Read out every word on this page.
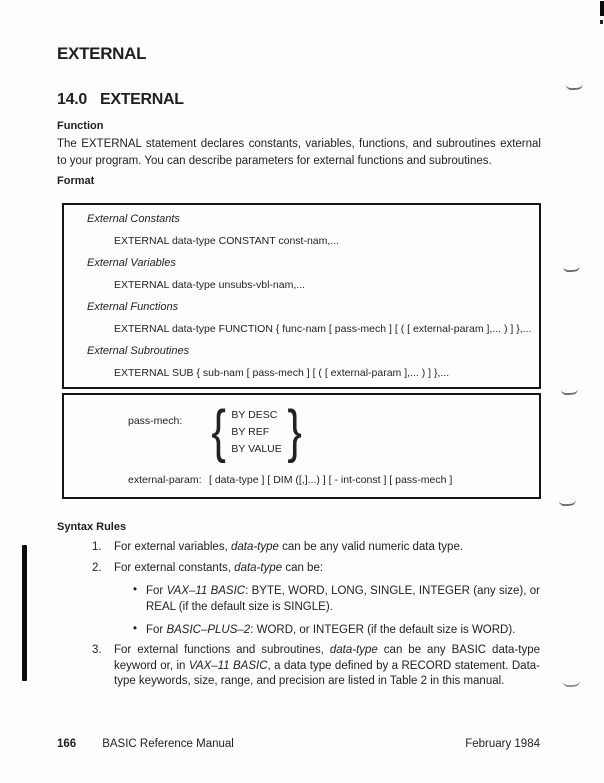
EXTERNAL
14.0 EXTERNAL
Function

The EXTERNAL statement declares constants, variables, functions, and subroutines external to your program. You can describe parameters for external functions and subroutines.

Format
External Constants
EXTERNAL data-type CONSTANT const-nam,...
External Variables
EXTERNAL data-type unsubs-vbl-nam,...
External Functions
EXTERNAL data-type FUNCTION { func-nam [ pass-mech ] [ ( [ external-param ],... ) ] },...
External Subroutines
EXTERNAL SUB { sub-nam [ pass-mech ] [ ( [ external-param ],... ) ] },...
pass-mech: { BY DESC
BY REF
BY VALUE }
external-param: [ data-type ] [ DIM ([,]...) ] [ - int-const ] [ pass-mech ]
Syntax Rules
1.	For external variables, data-type can be any valid numeric data type.
2.	For external constants, data-type can be:
• For VAX–11 BASIC: BYTE, WORD, LONG, SINGLE, INTEGER (any size), or REAL (if the default size is SINGLE).
• For BASIC–PLUS–2: WORD, or INTEGER (if the default size is WORD).
3.	For external functions and subroutines, data-type can be any BASIC data-type keyword or, in VAX–11 BASIC, a data type defined by a RECORD statement. Data-type keywords, size, range, and precision are listed in Table 2 in this manual.
166 BASIC Reference Manual	February 1984
